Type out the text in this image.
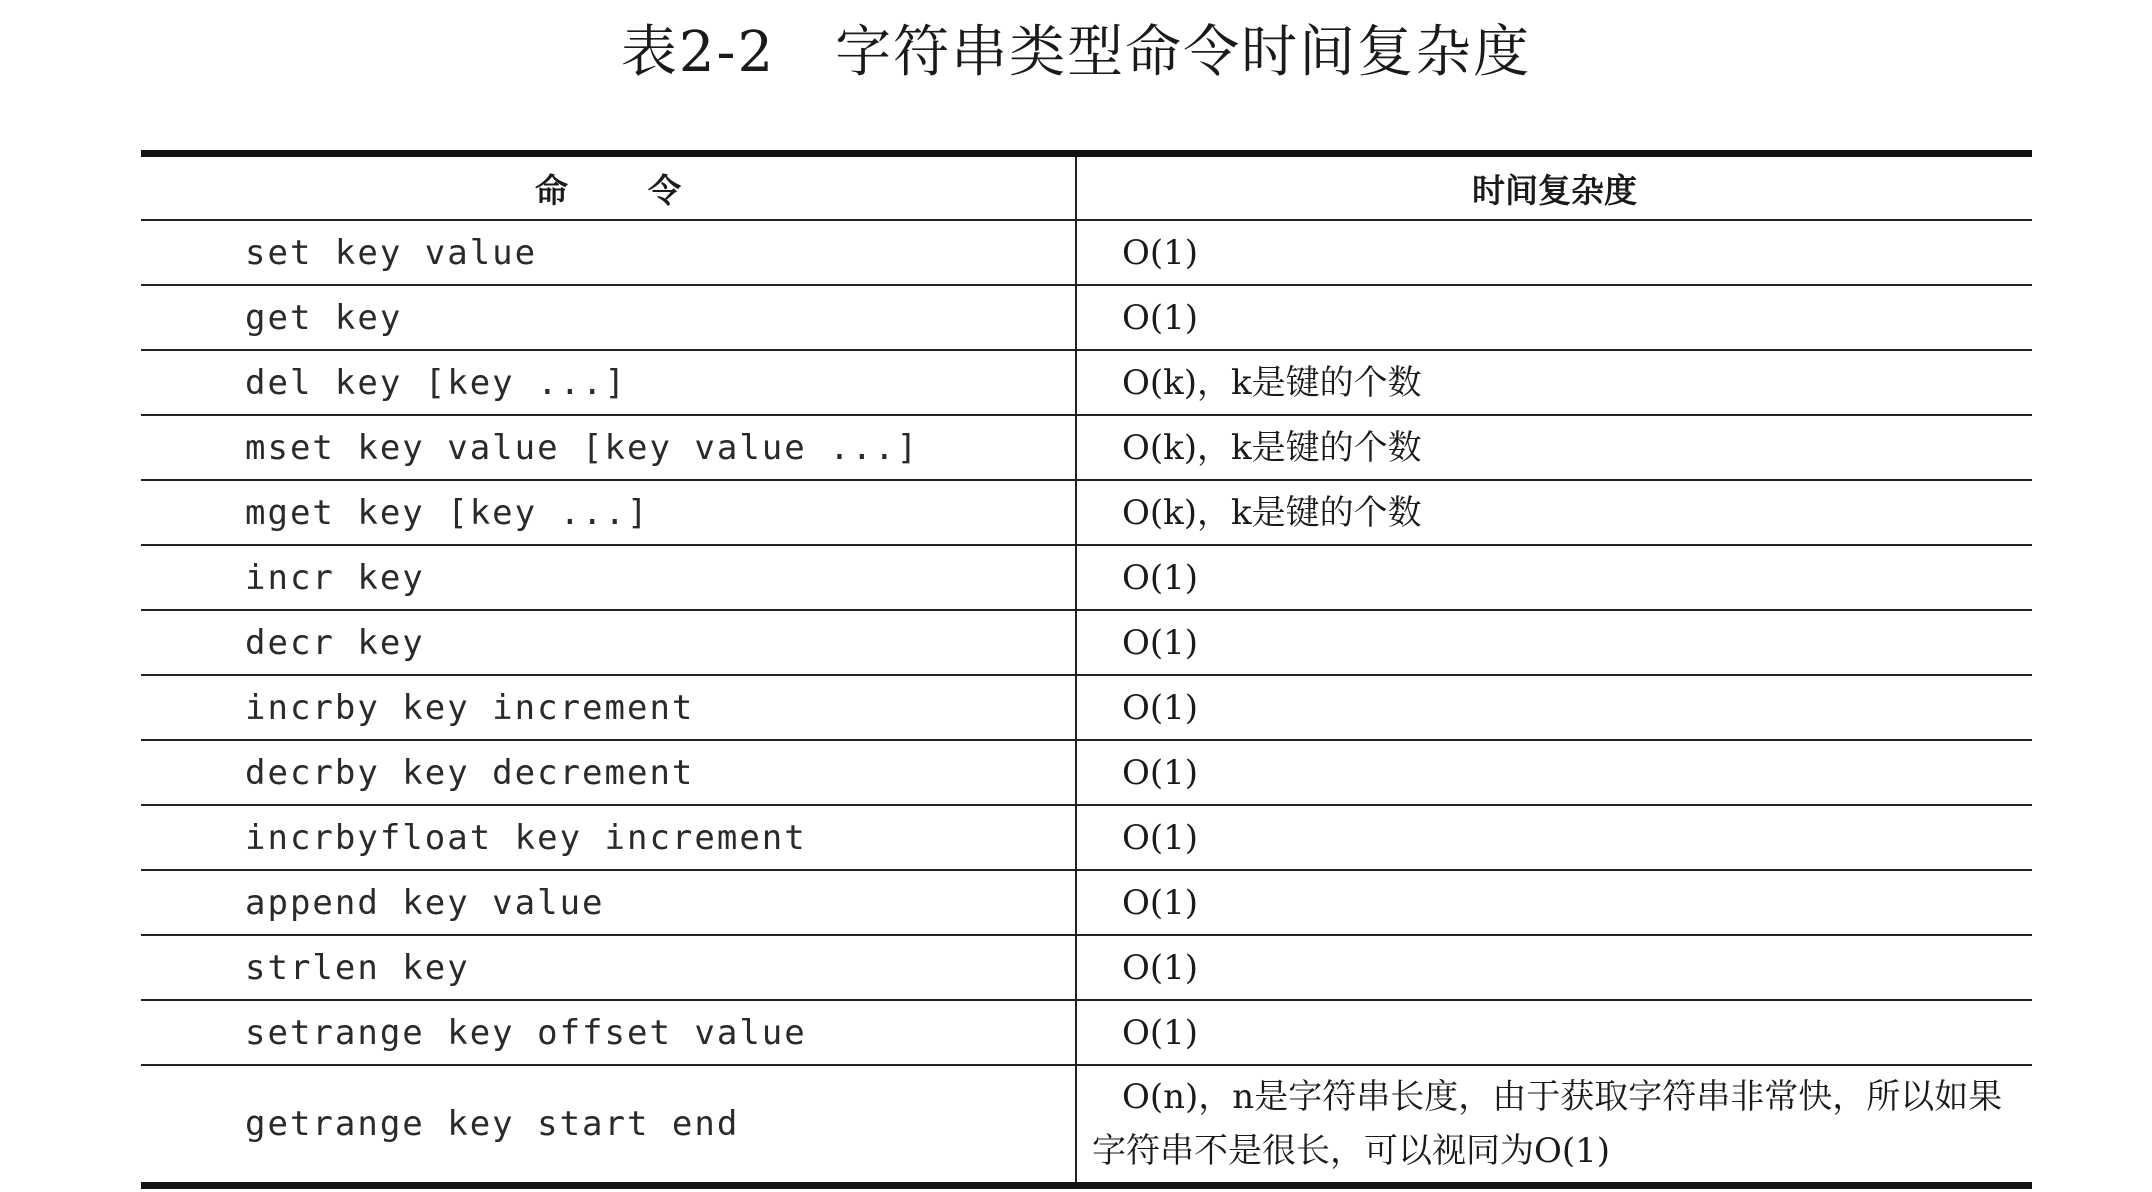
表2-2 字符串类型命令时间复杂度
命令	时间复杂度

set key value	O(1)

get key	O(1)

del key [key ...]	O(k)，k是键的个数

mset key value [key value ...]	O(k)，k是键的个数

mget key [key ...]	O(k)，k是键的个数

incr key	O(1)

decr key	O(1)

incrby key increment	O(1)

decrby key decrement	O(1)

incrbyfloat key increment	O(1)

append key value	O(1)

strlen key	O(1)

setrange key offset value	O(1)

getrange key start end	O(n)，n是字符串长度，由于获取字符串非常快，所以如果字符串不是很长，可以视同为O(1)
